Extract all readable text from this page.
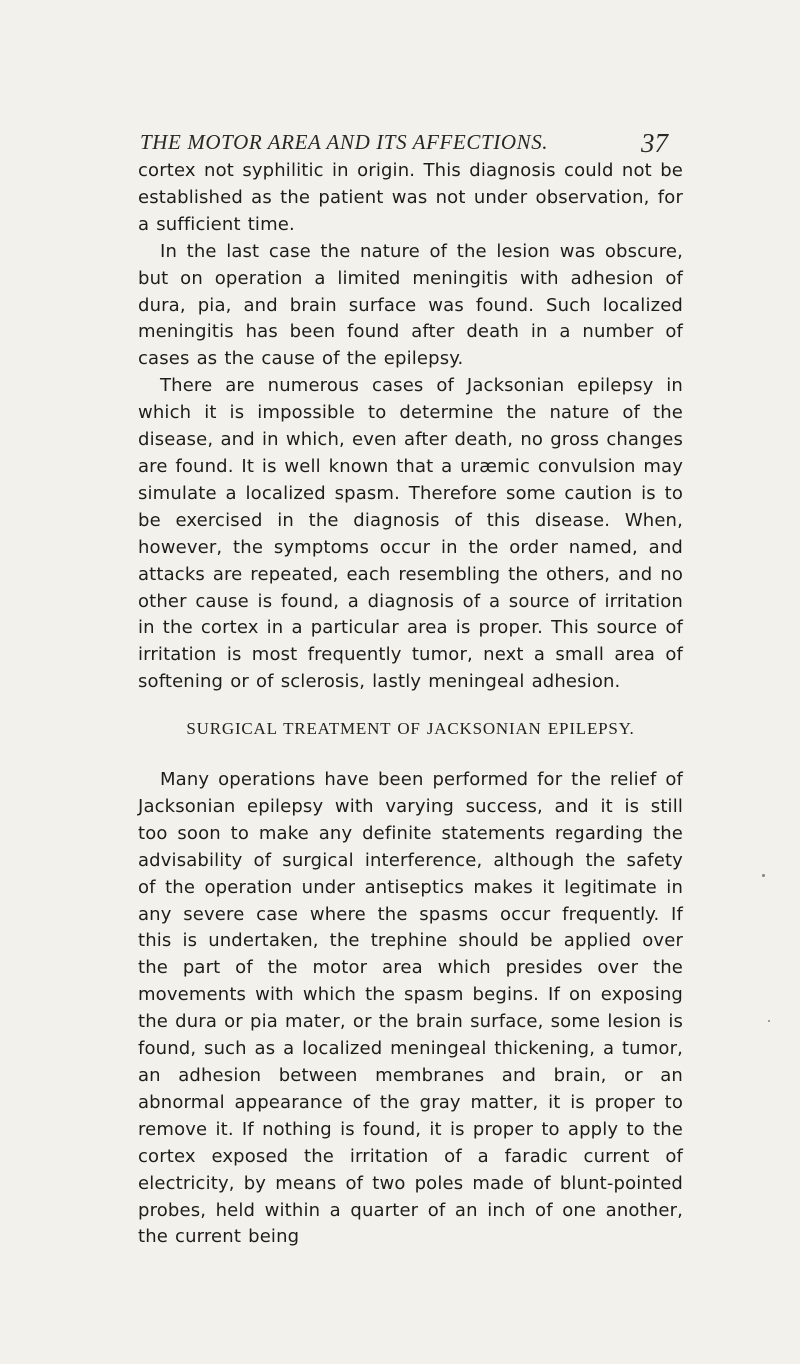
THE MOTOR AREA AND ITS AFFECTIONS.	37

cortex not syphilitic in origin. This diagnosis could not be established as the patient was not under observation, for a sufficient time.

In the last case the nature of the lesion was obscure, but on operation a limited meningitis with adhesion of dura, pia, and brain surface was found. Such localized meningitis has been found after death in a number of cases as the cause of the epilepsy.

There are numerous cases of Jacksonian epilepsy in which it is impossible to determine the nature of the disease, and in which, even after death, no gross changes are found. It is well known that a uræmic convulsion may simulate a localized spasm. Therefore some caution is to be exercised in the diagnosis of this disease. When, however, the symptoms occur in the order named, and attacks are repeated, each resembling the others, and no other cause is found, a diagnosis of a source of irritation in the cortex in a particular area is proper. This source of irritation is most frequently tumor, next a small area of softening or of sclerosis, lastly meningeal adhesion.

SURGICAL TREATMENT OF JACKSONIAN EPILEPSY.

Many operations have been performed for the relief of Jacksonian epilepsy with varying success, and it is still too soon to make any definite statements regarding the advisability of surgical interference, although the safety of the operation under antiseptics makes it legitimate in any severe case where the spasms occur frequently. If this is undertaken, the trephine should be applied over the part of the motor area which presides over the movements with which the spasm begins. If on exposing the dura or pia mater, or the brain surface, some lesion is found, such as a localized meningeal thickening, a tumor, an adhesion between membranes and brain, or an abnormal appearance of the gray matter, it is proper to remove it. If nothing is found, it is proper to apply to the cortex exposed the irritation of a faradic current of electricity, by means of two poles made of blunt-pointed probes, held within a quarter of an inch of one another, the current being
